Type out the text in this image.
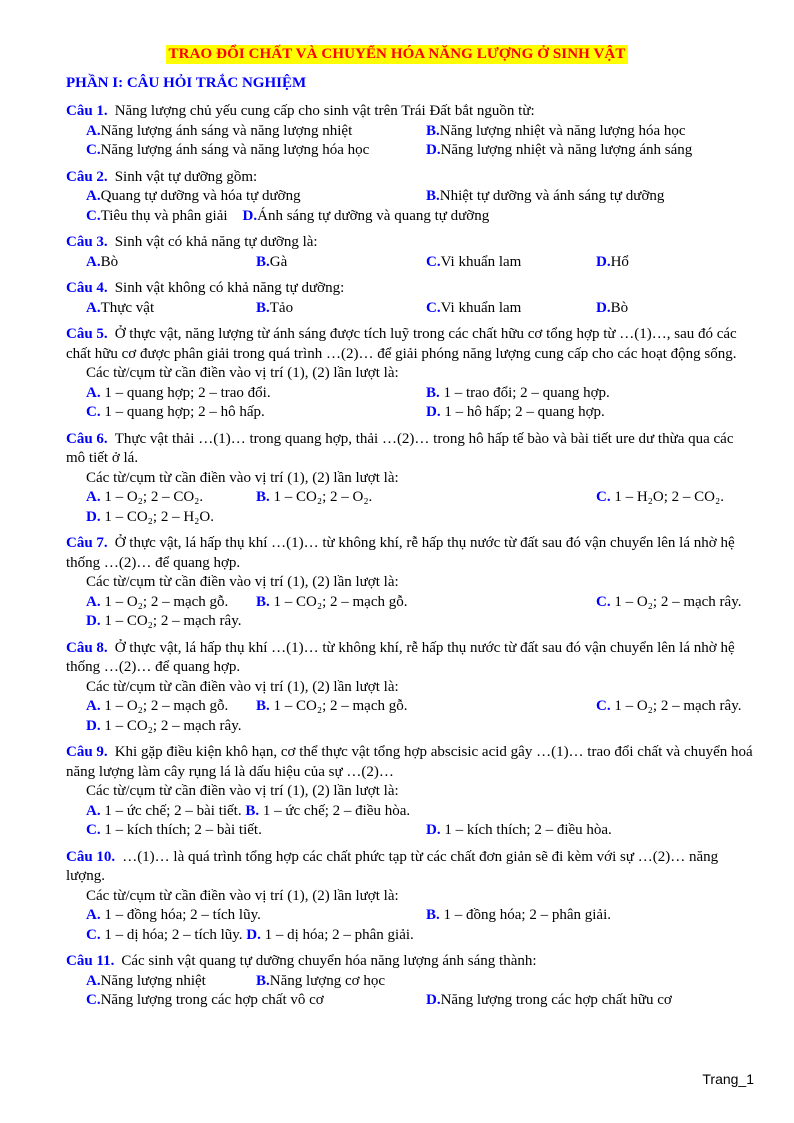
TRAO ĐỔI CHẤT VÀ CHUYỂN HÓA NĂNG LƯỢNG Ở SINH VẬT
PHẦN I: CÂU HỎI TRẮC NGHIỆM
Câu 1. Năng lượng chủ yếu cung cấp cho sinh vật trên Trái Đất bắt nguồn từ:
A.Năng lượng ánh sáng và năng lượng nhiệt	B.Năng lượng nhiệt và năng lượng hóa học
C.Năng lượng ánh sáng và năng lượng hóa học	D.Năng lượng nhiệt và năng lượng ánh sáng
Câu 2. Sinh vật tự dưỡng gồm:
A.Quang tự dưỡng và hóa tự dưỡng	B.Nhiệt tự dưỡng và ánh sáng tự dưỡng
C.Tiêu thụ và phân giải D.Ánh sáng tự dưỡng và quang tự dưỡng
Câu 3. Sinh vật có khả năng tự dưỡng là:
A.Bò	B.Gà	C.Vi khuẩn lam	D.Hổ
Câu 4. Sinh vật không có khả năng tự dưỡng:
A.Thực vật	B.Tảo	C.Vi khuẩn lam	D.Bò
Câu 5. Ở thực vật, năng lượng từ ánh sáng được tích luỹ trong các chất hữu cơ tổng hợp từ …(1)…, sau đó các chất hữu cơ được phân giải trong quá trình …(2)… để giải phóng năng lượng cung cấp cho các hoạt động sống.
Các từ/cụm từ cần điền vào vị trí (1), (2) lần lượt là:
A. 1 – quang hợp; 2 – trao đổi.	B. 1 – trao đổi; 2 – quang hợp.
C. 1 – quang hợp; 2 – hô hấp.	D. 1 – hô hấp; 2 – quang hợp.
Câu 6. Thực vật thải …(1)… trong quang hợp, thải …(2)… trong hô hấp tế bào và bài tiết ure dư thừa qua các mô tiết ở lá.
Các từ/cụm từ cần điền vào vị trí (1), (2) lần lượt là:
A. 1 – O₂; 2 – CO₂.	B. 1 – CO₂; 2 – O₂.	C. 1 – H₂O; 2 – CO₂.
D. 1 – CO₂; 2 – H₂O.
Câu 7. Ở thực vật, lá hấp thụ khí …(1)… từ không khí, rễ hấp thụ nước từ đất sau đó vận chuyển lên lá nhờ hệ thống …(2)… để quang hợp.
Các từ/cụm từ cần điền vào vị trí (1), (2) lần lượt là:
A. 1 – O₂; 2 – mạch gỗ.	B. 1 – CO₂; 2 – mạch gỗ.	C. 1 – O₂; 2 – mạch rây.
D. 1 – CO₂; 2 – mạch rây.
Câu 8. Ở thực vật, lá hấp thụ khí …(1)… từ không khí, rễ hấp thụ nước từ đất sau đó vận chuyển lên lá nhờ hệ thống …(2)… để quang hợp.
Các từ/cụm từ cần điền vào vị trí (1), (2) lần lượt là:
A. 1 – O₂; 2 – mạch gỗ.	B. 1 – CO₂; 2 – mạch gỗ.	C. 1 – O₂; 2 – mạch rây.
D. 1 – CO₂; 2 – mạch rây.
Câu 9. Khi gặp điều kiện khô hạn, cơ thể thực vật tổng hợp abscisic acid gây …(1)… trao đổi chất và chuyển hoá năng lượng làm cây rụng lá là dấu hiệu của sự …(2)…
Các từ/cụm từ cần điền vào vị trí (1), (2) lần lượt là:
A. 1 – ức chế; 2 – bài tiết. B. 1 – ức chế; 2 – điều hòa.
C. 1 – kích thích; 2 – bài tiết.	D. 1 – kích thích; 2 – điều hòa.
Câu 10. …(1)… là quá trình tổng hợp các chất phức tạp từ các chất đơn giản sẽ đi kèm với sự …(2)… năng lượng.
Các từ/cụm từ cần điền vào vị trí (1), (2) lần lượt là:
A. 1 – đồng hóa; 2 – tích lũy.	B. 1 – đồng hóa; 2 – phân giải.
C. 1 – dị hóa; 2 – tích lũy. D. 1 – dị hóa; 2 – phân giải.
Câu 11. Các sinh vật quang tự dưỡng chuyển hóa năng lượng ánh sáng thành:
A.Năng lượng nhiệt	B.Năng lượng cơ học
C.Năng lượng trong các hợp chất vô cơ	D.Năng lượng trong các hợp chất hữu cơ
Trang_1
